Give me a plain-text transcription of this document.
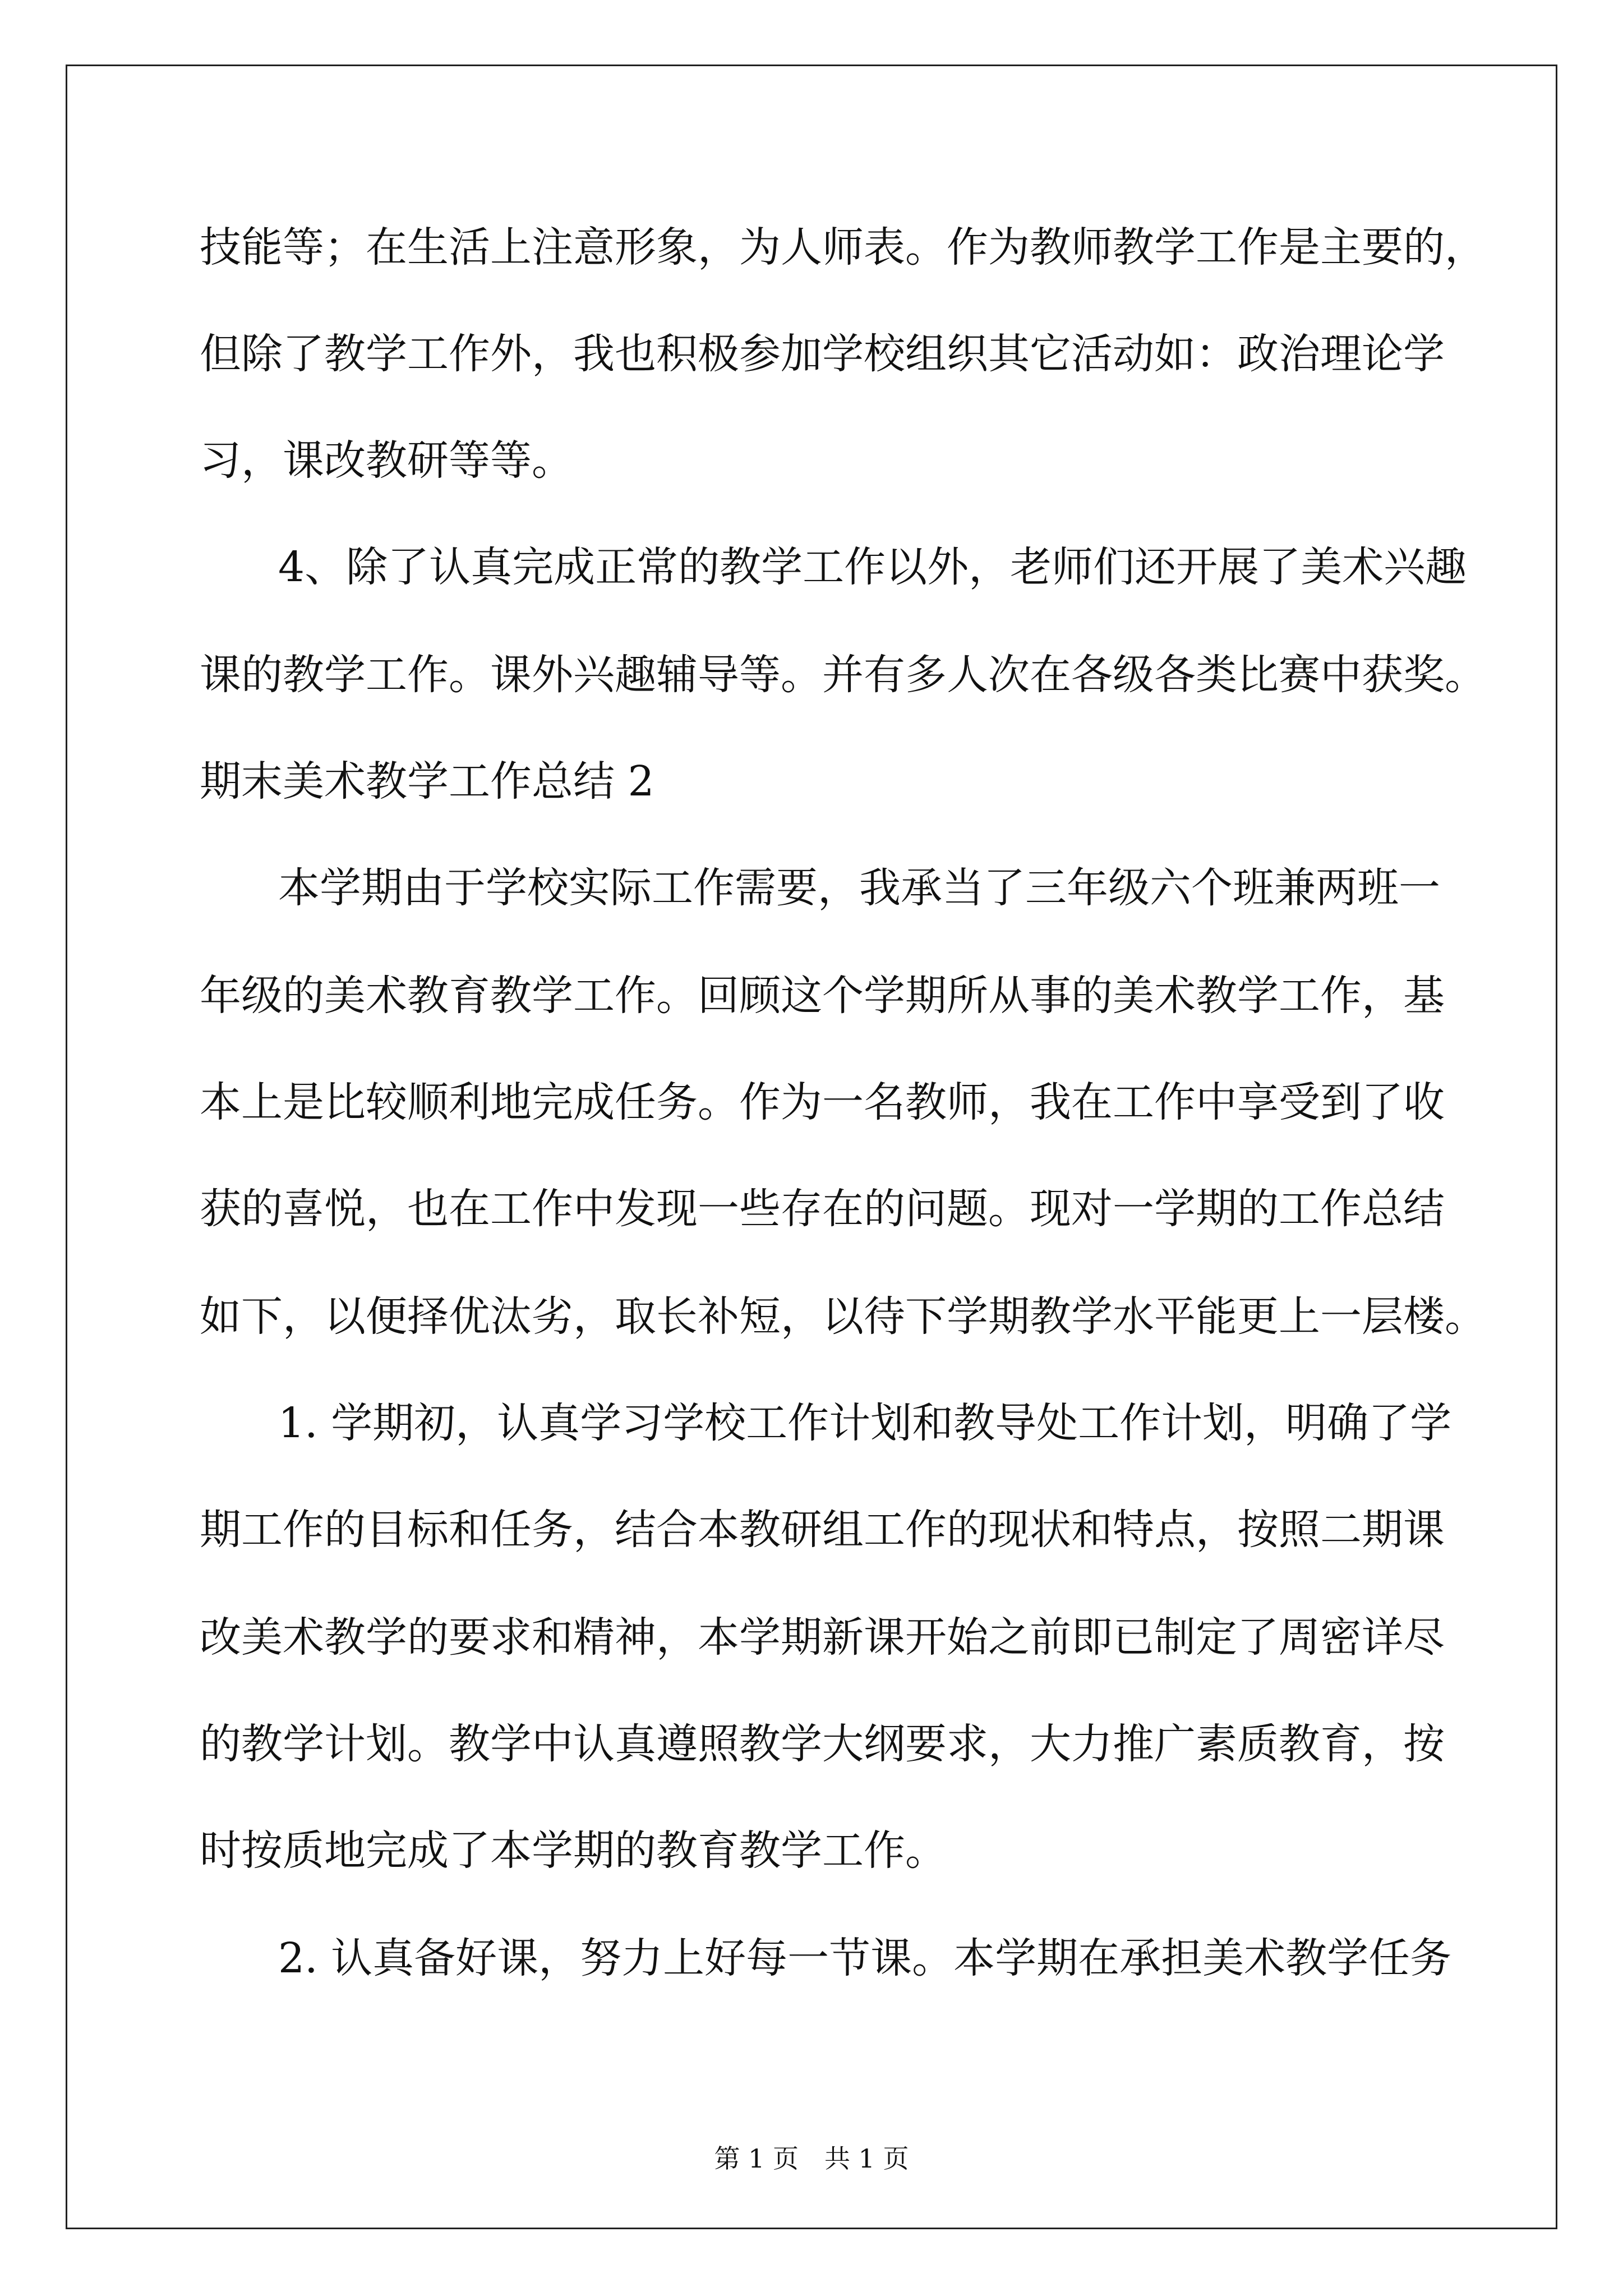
技能等；在生活上注意形象，为人师表。作为教师教学工作是主要的，
但除了教学工作外，我也积极参加学校组织其它活动如：政治理论学
习，课改教研等等。
4、除了认真完成正常的教学工作以外，老师们还开展了美术兴趣
课的教学工作。课外兴趣辅导等。并有多人次在各级各类比赛中获奖。
期末美术教学工作总结 2
本学期由于学校实际工作需要，我承当了三年级六个班兼两班一
年级的美术教育教学工作。回顾这个学期所从事的美术教学工作，基
本上是比较顺利地完成任务。作为一名教师，我在工作中享受到了收
获的喜悦，也在工作中发现一些存在的问题。现对一学期的工作总结
如下，以便择优汰劣，取长补短，以待下学期教学水平能更上一层楼。
1. 学期初，认真学习学校工作计划和教导处工作计划，明确了学
期工作的目标和任务，结合本教研组工作的现状和特点，按照二期课
改美术教学的要求和精神，本学期新课开始之前即已制定了周密详尽
的教学计划。教学中认真遵照教学大纲要求，大力推广素质教育，按
时按质地完成了本学期的教育教学工作。
2. 认真备好课，努力上好每一节课。本学期在承担美术教学任务
第 1 页　共 1 页
